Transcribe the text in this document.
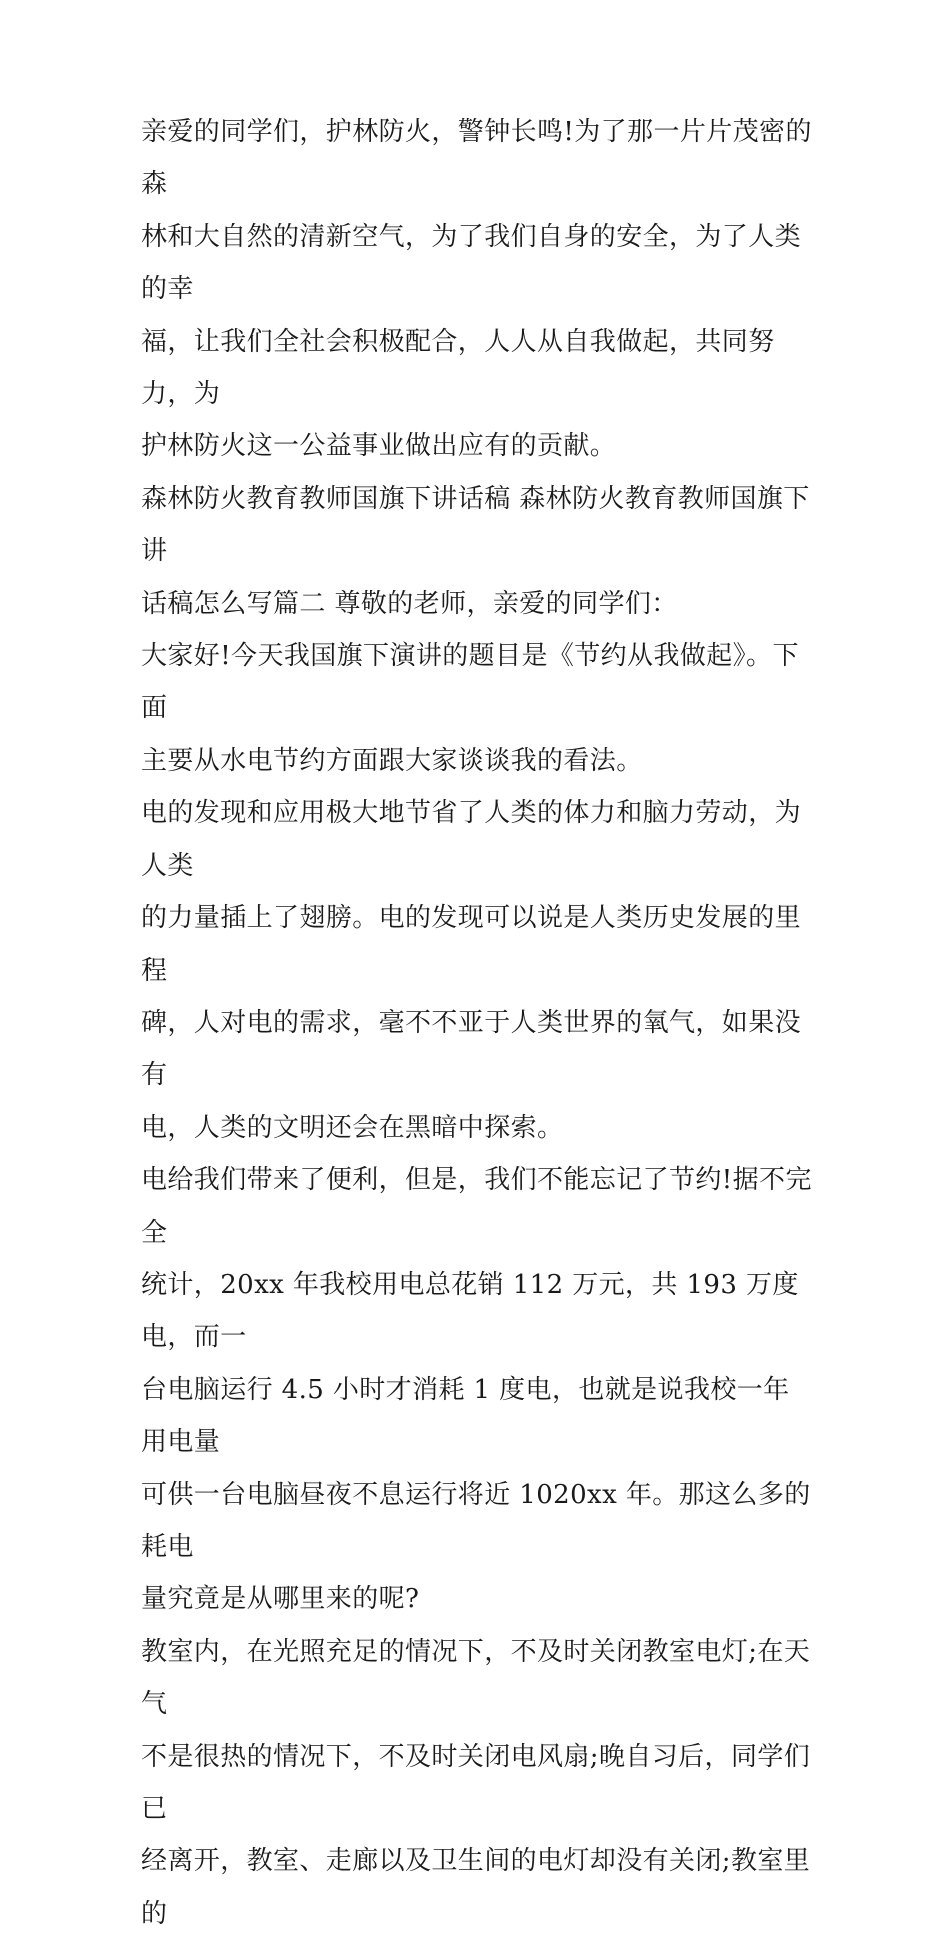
亲爱的同学们，护林防火，警钟长鸣!为了那一片片茂密的森
林和大自然的清新空气，为了我们自身的安全，为了人类的幸
福，让我们全社会积极配合，人人从自我做起，共同努力，为
护林防火这一公益事业做出应有的贡献。
森林防火教育教师国旗下讲话稿 森林防火教育教师国旗下讲
话稿怎么写篇二 尊敬的老师，亲爱的同学们：
大家好!今天我国旗下演讲的题目是《节约从我做起》。下面
主要从水电节约方面跟大家谈谈我的看法。
电的发现和应用极大地节省了人类的体力和脑力劳动，为人类
的力量插上了翅膀。电的发现可以说是人类历史发展的里程
碑，人对电的需求，毫不不亚于人类世界的氧气，如果没有
电，人类的文明还会在黑暗中探索。
电给我们带来了便利，但是，我们不能忘记了节约!据不完全
统计，20xx 年我校用电总花销 112 万元，共 193 万度电，而一
台电脑运行 4.5 小时才消耗 1 度电，也就是说我校一年用电量
可供一台电脑昼夜不息运行将近 1020xx 年。那这么多的耗电
量究竟是从哪里来的呢?
教室内，在光照充足的情况下，不及时关闭教室电灯;在天气
不是很热的情况下，不及时关闭电风扇;晚自习后，同学们已
经离开，教室、走廊以及卫生间的电灯却没有关闭;教室里的
